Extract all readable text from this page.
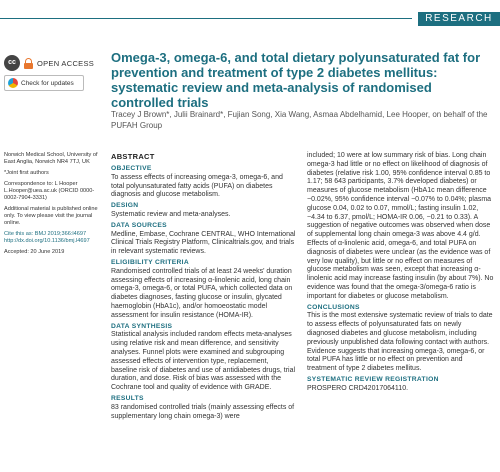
RESEARCH
cc	OPEN ACCESS
Check for updates
Omega-3, omega-6, and total dietary polyunsaturated fat for prevention and treatment of type 2 diabetes mellitus: systematic review and meta-analysis of randomised controlled trials

Tracey J Brown*, Julii Brainard*, Fujian Song, Xia Wang, Asmaa Abdelhamid, Lee Hooper, on behalf of the PUFAH Group

Norwich Medical School, University of East Anglia, Norwich NR4 7TJ, UK

*Joint first authors

Correspondence to: L Hooper L.Hooper@uea.ac.uk (ORCID 0000-0002-7904-3331)

Additional material is published online only. To view please visit the journal online.

Cite this as: BMJ 2019;366:l4697 http://dx.doi.org/10.1136/bmj.l4697

Accepted: 20 June 2019

ABSTRACT
OBJECTIVE

To assess effects of increasing omega-3, omega-6, and total polyunsaturated fatty acids (PUFA) on diabetes diagnosis and glucose metabolism.

DESIGN

Systematic review and meta-analyses.

DATA SOURCES

Medline, Embase, Cochrane CENTRAL, WHO International Clinical Trials Registry Platform, Clinicaltrials.gov, and trials in relevant systematic reviews.

ELIGIBILITY CRITERIA

Randomised controlled trials of at least 24 weeks' duration assessing effects of increasing α-linolenic acid, long chain omega-3, omega-6, or total PUFA, which collected data on diabetes diagnoses, fasting glucose or insulin, glycated haemoglobin (HbA1c), and/or homoeostatic model assessment for insulin resistance (HOMA-IR).

DATA SYNTHESIS

Statistical analysis included random effects meta-analyses using relative risk and mean difference, and sensitivity analyses. Funnel plots were examined and subgrouping assessed effects of intervention type, replacement, baseline risk of diabetes and use of antidiabetes drugs, trial duration, and dose. Risk of bias was assessed with the Cochrane tool and quality of evidence with GRADE.

RESULTS

83 randomised controlled trials (mainly assessing effects of supplementary long chain omega-3) were

included; 10 were at low summary risk of bias. Long chain omega-3 had little or no effect on likelihood of diagnosis of diabetes (relative risk 1.00, 95% confidence interval 0.85 to 1.17; 58 643 participants, 3.7% developed diabetes) or measures of glucose metabolism (HbA1c mean difference −0.02%, 95% confidence interval −0.07% to 0.04%; plasma glucose 0.04, 0.02 to 0.07, mmol/L; fasting insulin 1.02, −4.34 to 6.37, pmol/L; HOMA-IR 0.06, −0.21 to 0.33). A suggestion of negative outcomes was observed when dose of supplemental long chain omega-3 was above 4.4 g/d. Effects of α-linolenic acid, omega-6, and total PUFA on diagnosis of diabetes were unclear (as the evidence was of very low quality), but little or no effect on measures of glucose metabolism was seen, except that increasing α-linolenic acid may increase fasting insulin (by about 7%). No evidence was found that the omega-3/omega-6 ratio is important for diabetes or glucose metabolism.

CONCLUSIONS

This is the most extensive systematic review of trials to date to assess effects of polyunsaturated fats on newly diagnosed diabetes and glucose metabolism, including previously unpublished data following contact with authors. Evidence suggests that increasing omega-3, omega-6, or total PUFA has little or no effect on prevention and treatment of type 2 diabetes mellitus.

SYSTEMATIC REVIEW REGISTRATION

PROSPERO CRD42017064110.
